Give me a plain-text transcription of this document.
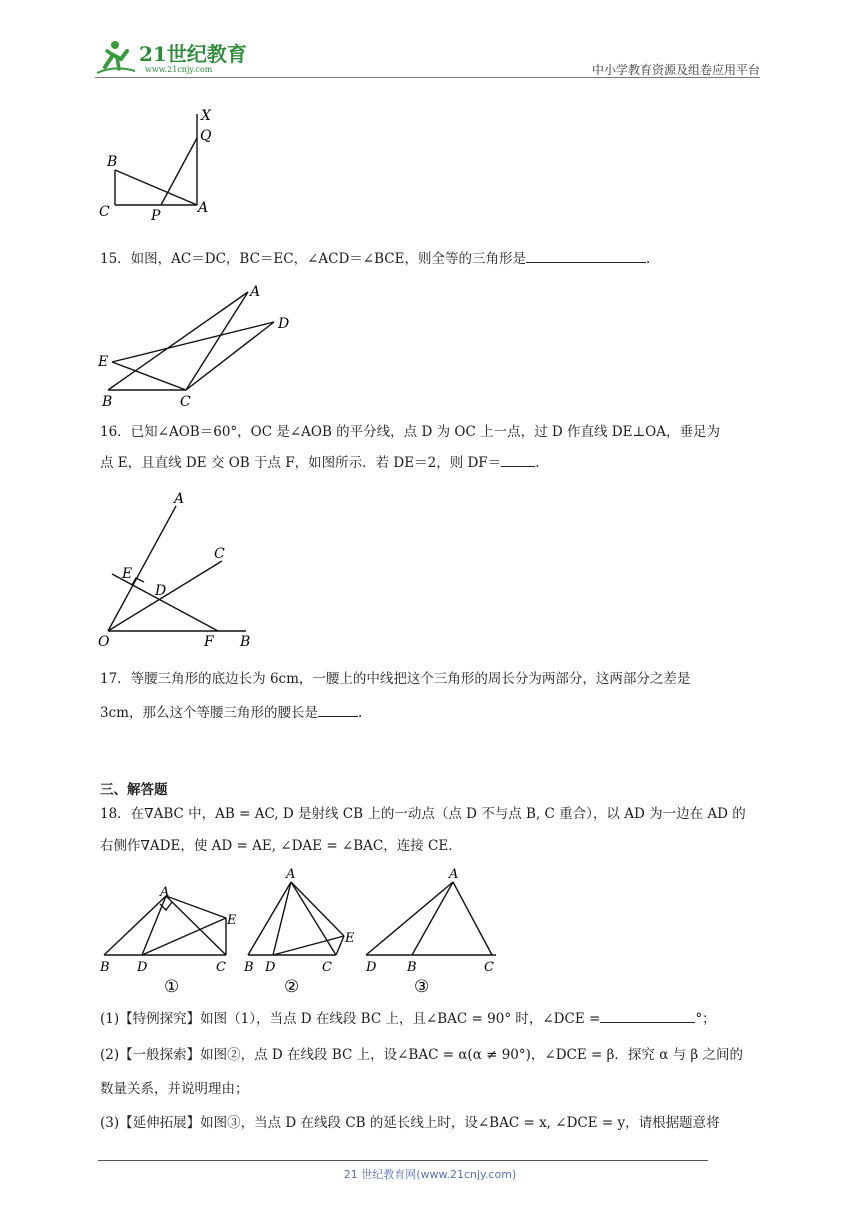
21世纪教育
www.21cnjy.com	中小学教育资源及组卷应用平台
X
Q
B
C	P	A
15．如图，AC＝DC，BC＝EC，∠ACD＝∠BCE，则全等的三角形是	.
A
D
E
B	C
16．已知∠AOB＝60°，OC 是∠AOB 的平分线，点 D 为 OC 上一点，过 D 作直线 DE⊥OA，垂足为
点 E，且直线 DE 交 OB 于点 F，如图所示．若 DE＝2，则 DF＝	.
A
C
E
D
O	F B
17．等腰三角形的底边长为 6cm，一腰上的中线把这个三角形的周长分为两部分，这两部分之差是
3cm，那么这个等腰三角形的腰长是	.
三、解答题
18．在∇ABC 中，AB = AC, D 是射线 CB 上的一动点（点 D 不与点 B, C 重合），以 AD 为一边在 AD 的
右侧作∇ADE，使 AD = AE, ∠DAE = ∠BAC，连接 CE．
A
E
B D	C
①
A
E
B D	C
②
A
D B	C
③
(1)【特例探究】如图（1），当点 D 在线段 BC 上，且∠BAC = 90° 时，∠DCE =	°；
(2)【一般探索】如图②，点 D 在线段 BC 上，设∠BAC = α(α ≠ 90°)，∠DCE = β．探究 α 与 β 之间的
数量关系，并说明理由；
(3)【延伸拓展】如图③，当点 D 在线段 CB 的延长线上时，设∠BAC = x, ∠DCE = y，请根据题意将
21 世纪教育网(www.21cnjy.com)
